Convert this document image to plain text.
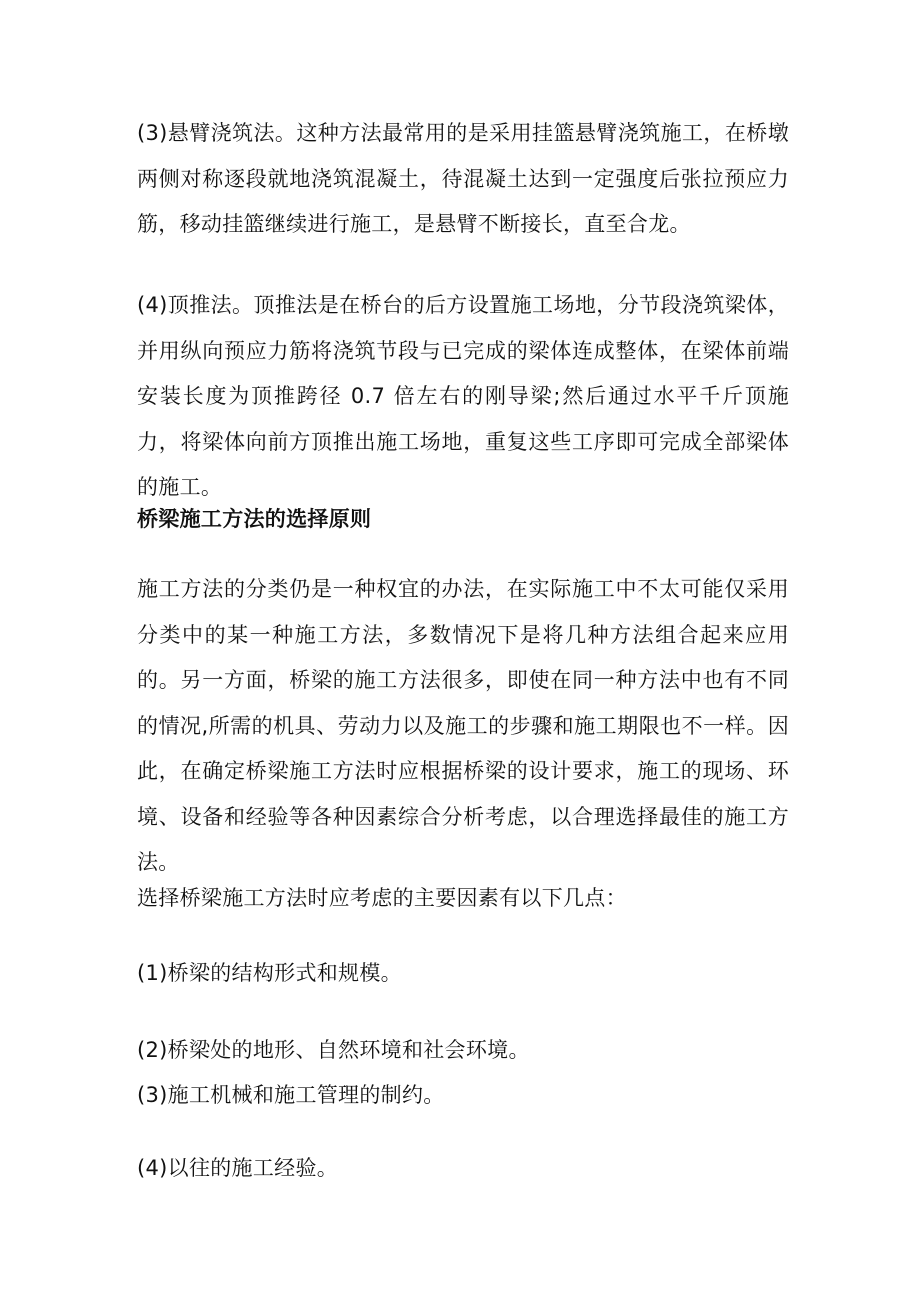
(3)悬臂浇筑法。这种方法最常用的是采用挂篮悬臂浇筑施工，在桥墩两侧对称逐段就地浇筑混凝土，待混凝土达到一定强度后张拉预应力筋，移动挂篮继续进行施工，是悬臂不断接长，直至合龙。

(4)顶推法。顶推法是在桥台的后方设置施工场地，分节段浇筑梁体，并用纵向预应力筋将浇筑节段与已完成的梁体连成整体，在梁体前端安装长度为顶推跨径 0.7 倍左右的刚导梁;然后通过水平千斤顶施力，将梁体向前方顶推出施工场地，重复这些工序即可完成全部梁体的施工。

桥梁施工方法的选择原则

施工方法的分类仍是一种权宜的办法，在实际施工中不太可能仅采用分类中的某一种施工方法，多数情况下是将几种方法组合起来应用的。另一方面，桥梁的施工方法很多，即使在同一种方法中也有不同的情况,所需的机具、劳动力以及施工的步骤和施工期限也不一样。因此，在确定桥梁施工方法时应根据桥梁的设计要求，施工的现场、环境、设备和经验等各种因素综合分析考虑，以合理选择最佳的施工方法。

选择桥梁施工方法时应考虑的主要因素有以下几点：

(1)桥梁的结构形式和规模。

(2)桥梁处的地形、自然环境和社会环境。

(3)施工机械和施工管理的制约。

(4)以往的施工经验。
